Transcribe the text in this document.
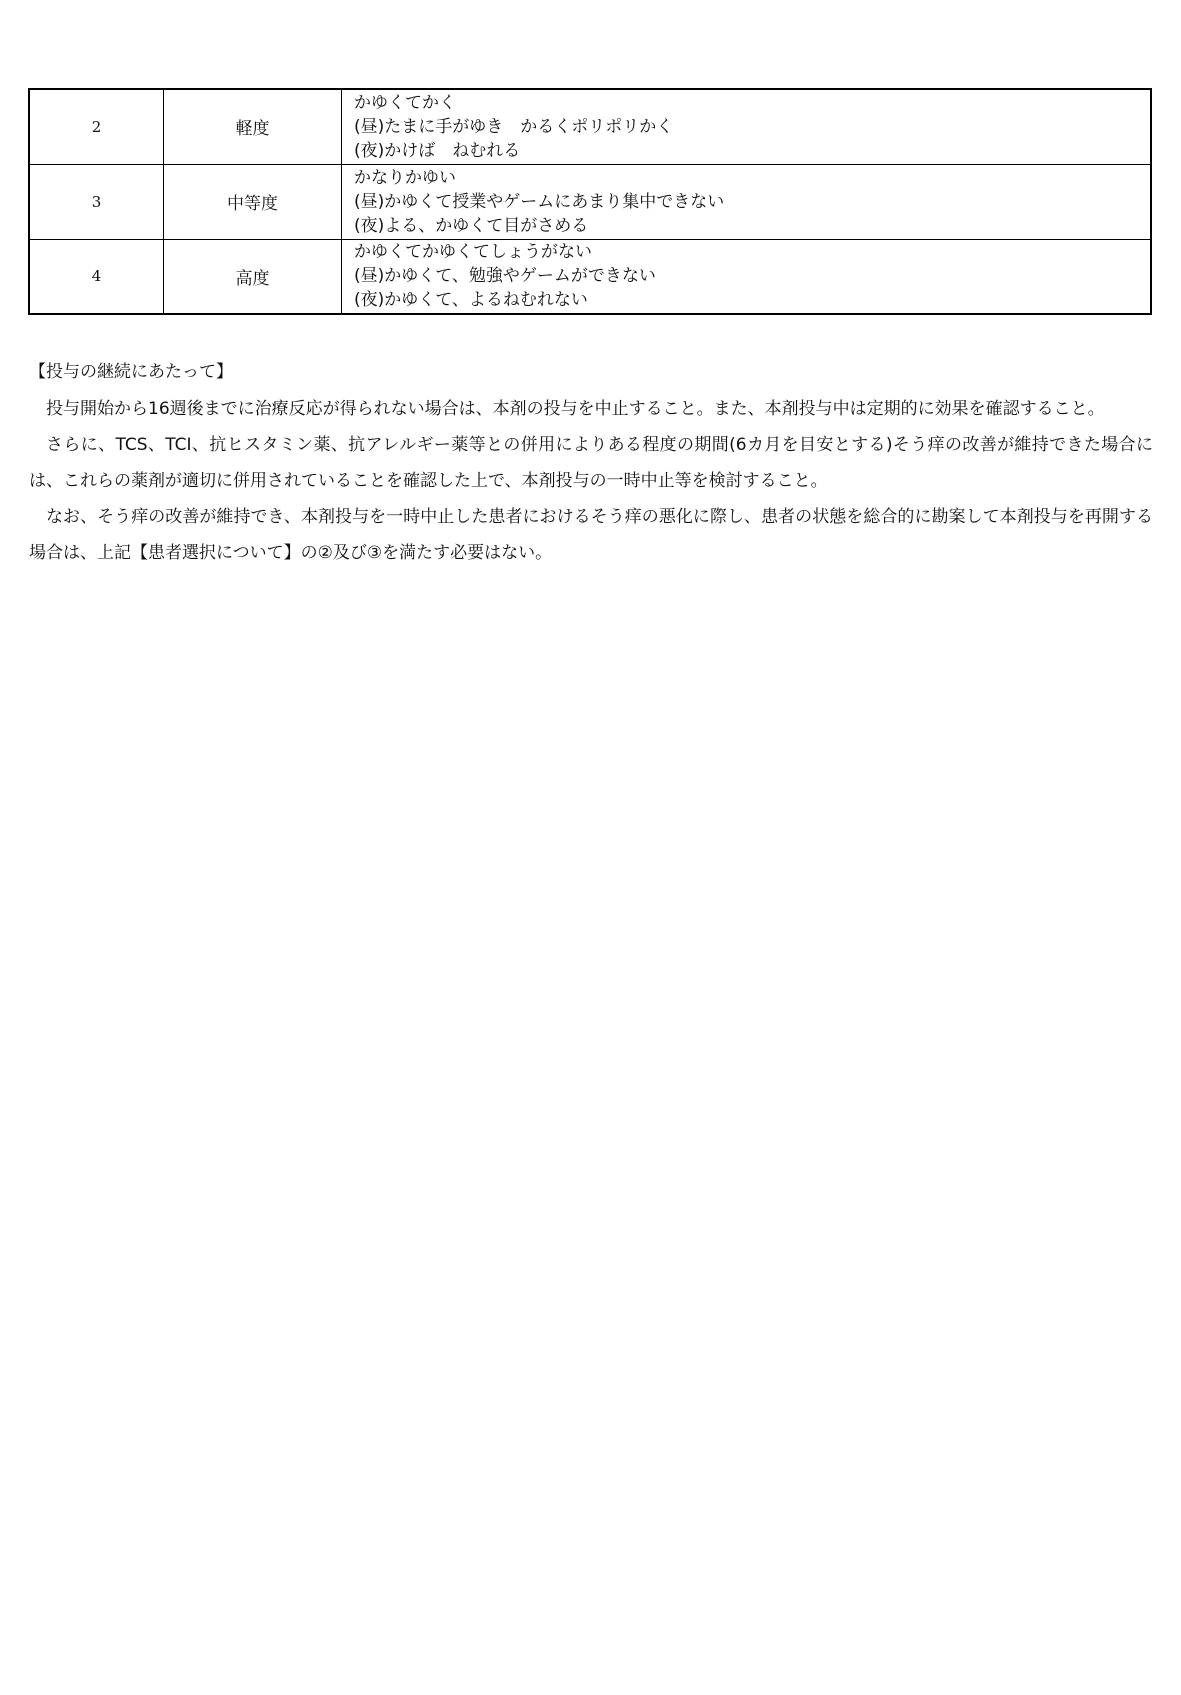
2	軽度	かゆくてかく
(昼)たまに手がゆき　かるくポリポリかく
(夜)かけば　ねむれる

3	中等度	かなりかゆい
(昼)かゆくて授業やゲームにあまり集中できない
(夜)よる、かゆくて目がさめる

4	高度	かゆくてかゆくてしょうがない
(昼)かゆくて、勉強やゲームができない
(夜)かゆくて、よるねむれない
【投与の継続にあたって】

投与開始から16週後までに治療反応が得られない場合は、本剤の投与を中止すること。また、本剤投与中は定期的に効果を確認すること。

さらに、TCS、TCI、抗ヒスタミン薬、抗アレルギー薬等との併用によりある程度の期間(6カ月を目安とする)そう痒の改善が維持できた場合には、これらの薬剤が適切に併用されていることを確認した上で、本剤投与の一時中止等を検討すること。

なお、そう痒の改善が維持でき、本剤投与を一時中止した患者におけるそう痒の悪化に際し、患者の状態を総合的に勘案して本剤投与を再開する場合は、上記【患者選択について】の②及び③を満たす必要はない。
